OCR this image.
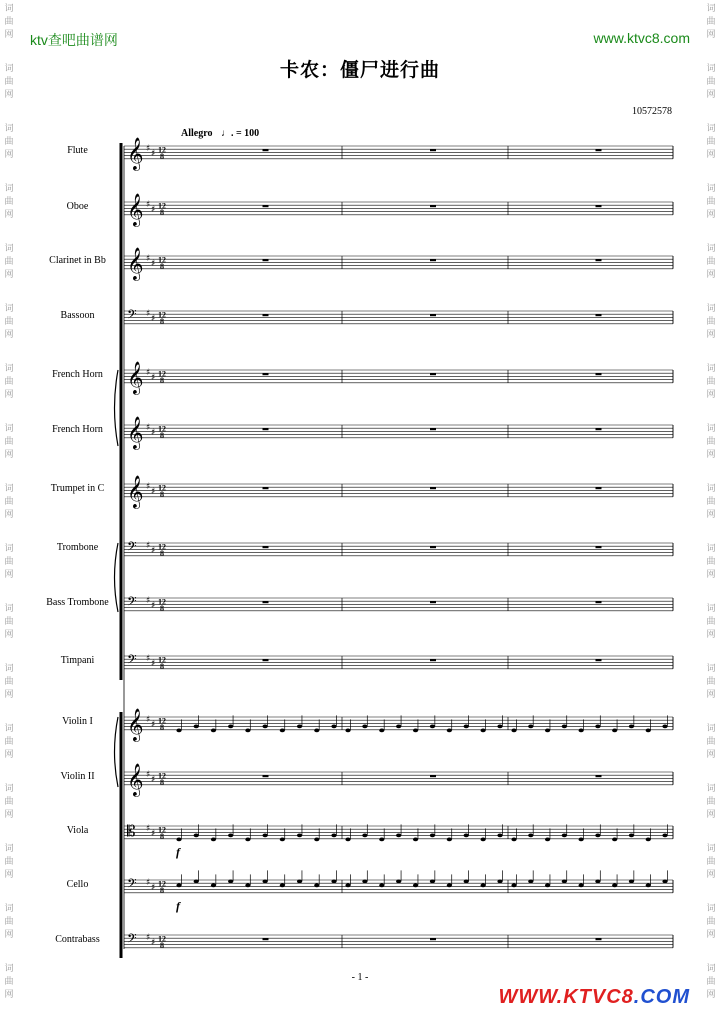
词
曲
网
词
曲
网
词
曲
网
词
曲
网
词
曲
网
词
曲
网
词
曲
网
词
曲
网
词
曲
网
词
曲
网
词
曲
网
词
曲
网
词
曲
网
词
曲
网
词
曲
网
词
曲
网
词
曲
网
词
曲
网
词
曲
网
词
曲
网
词
曲
网
词
曲
网
词
曲
网
词
曲
网
词
曲
网
词
曲
网
词
曲
网
词
曲
网
词
曲
网
词
曲
网
词
曲
网
词
曲
网
词
曲
网
词
曲
网
ktv查吧曲谱网	www.ktvc8.com
卡农：僵尸进行曲
10572578
Allegro ♩. = 100
Flute
Oboe
Clarinet in Bb
Bassoon
French Horn
French Horn
Trumpet in C
Trombone
Bass Trombone
Timpani
Violin I
Violin II
Viola
Cello
Contrabass
𝄞 ♯ ♯ 12
8
𝄞 ♯ ♯ 12
8
𝄞 ♯ ♯ 12
8
𝄢 ♯ ♯ 12
8
𝄞 ♯ ♯ 12
8
𝄞 ♯ ♯ 12
8
𝄞 ♯ ♯ 12
8
𝄢 ♯ ♯ 12
8
𝄢 ♯ ♯ 12
8
𝄢 ♯ ♯ 12
8
𝄞 ♯ ♯ 12
8
𝄞 ♯ ♯ 12
8
𝄡 ♯ ♯ 12
8
𝄢 ♯ ♯ 12
8
𝄢 ♯ ♯ 12
8
f
f
- 1 -
WWW.KTVC8.COM
